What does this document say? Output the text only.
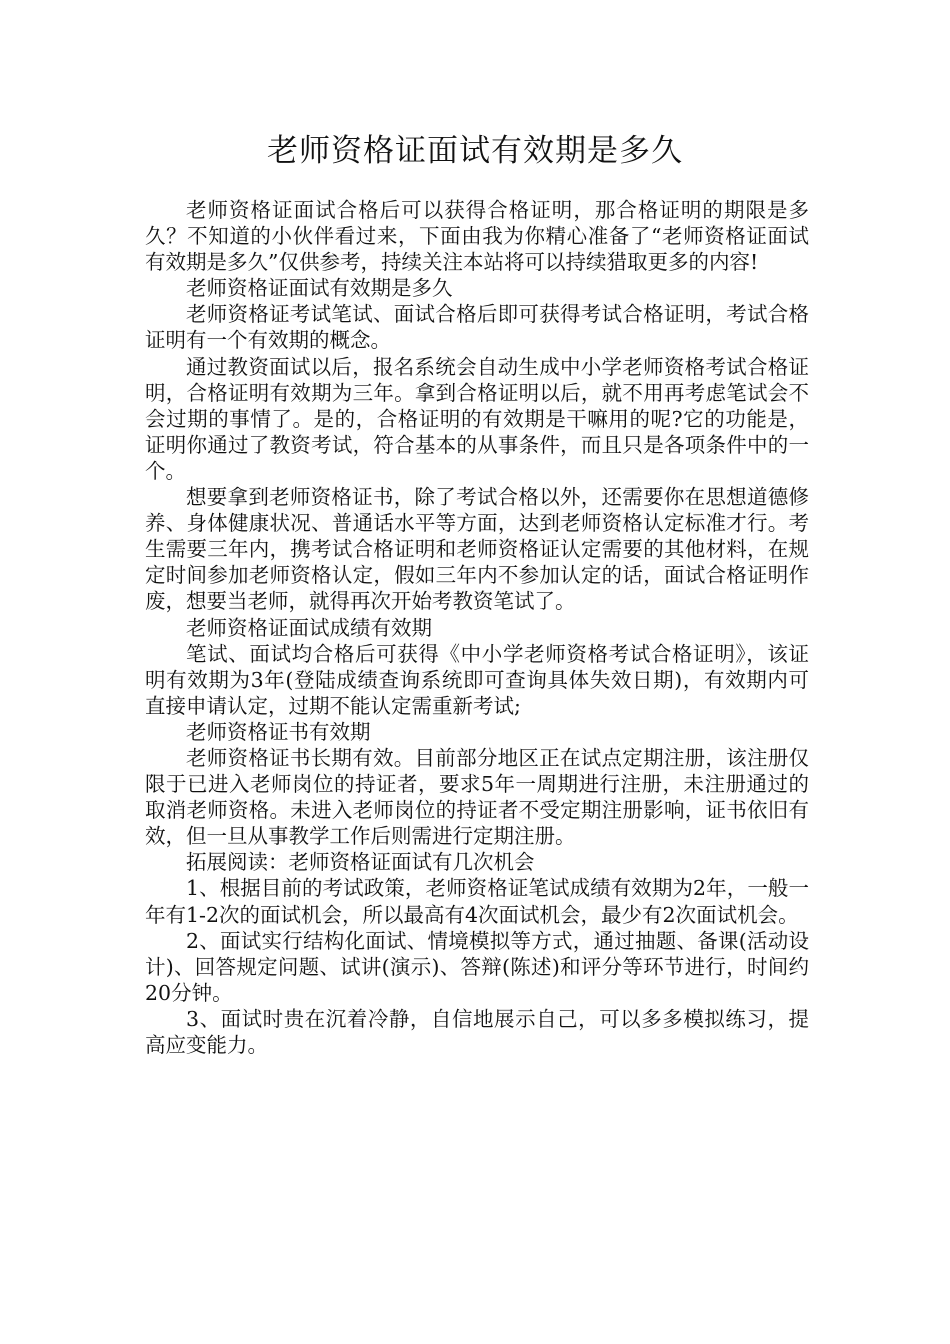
老师资格证面试有效期是多久

老师资格证面试合格后可以获得合格证明，那合格证明的期限是多久？不知道的小伙伴看过来，下面由我为你精心准备了“老师资格证面试有效期是多久”仅供参考，持续关注本站将可以持续猎取更多的内容!

老师资格证面试有效期是多久

老师资格证考试笔试、面试合格后即可获得考试合格证明，考试合格证明有一个有效期的概念。

通过教资面试以后，报名系统会自动生成中小学老师资格考试合格证明，合格证明有效期为三年。拿到合格证明以后，就不用再考虑笔试会不会过期的事情了。是的，合格证明的有效期是干嘛用的呢?它的功能是，证明你通过了教资考试，符合基本的从事条件，而且只是各项条件中的一个。

想要拿到老师资格证书，除了考试合格以外，还需要你在思想道德修养、身体健康状况、普通话水平等方面，达到老师资格认定标准才行。考生需要三年内，携考试合格证明和老师资格证认定需要的其他材料，在规定时间参加老师资格认定，假如三年内不参加认定的话，面试合格证明作废，想要当老师，就得再次开始考教资笔试了。

老师资格证面试成绩有效期

笔试、面试均合格后可获得《中小学老师资格考试合格证明》，该证明有效期为3年(登陆成绩查询系统即可查询具体失效日期)，有效期内可直接申请认定，过期不能认定需重新考试;

老师资格证书有效期

老师资格证书长期有效。目前部分地区正在试点定期注册，该注册仅限于已进入老师岗位的持证者，要求5年一周期进行注册，未注册通过的取消老师资格。未进入老师岗位的持证者不受定期注册影响，证书依旧有效，但一旦从事教学工作后则需进行定期注册。

拓展阅读：老师资格证面试有几次机会

1、根据目前的考试政策，老师资格证笔试成绩有效期为2年，一般一年有1-2次的面试机会，所以最高有4次面试机会，最少有2次面试机会。

2、面试实行结构化面试、情境模拟等方式，通过抽题、备课(活动设计)、回答规定问题、试讲(演示)、答辩(陈述)和评分等环节进行，时间约20分钟。

3、面试时贵在沉着冷静，自信地展示自己，可以多多模拟练习，提高应变能力。
